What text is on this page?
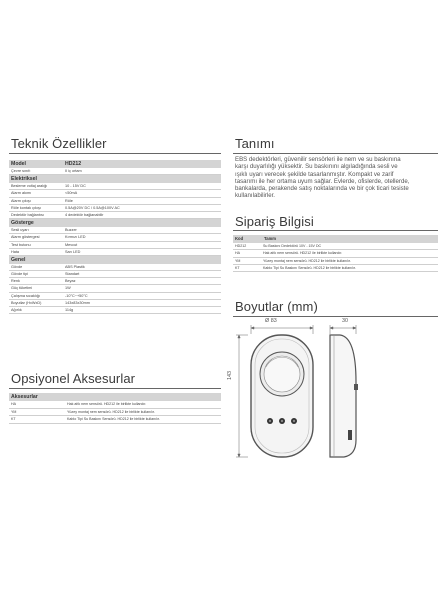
Teknik Özellikler
Model	HD212
Çevre sınıfı	II iç ortam
Elektriksel
Besleme voltaj aralığı	10 - 15V DC
Alarm akımı	<50mA
Alarm çıkışı	Röle
Röle kontak çıkışı	0.5A@20V DC / 0.5A@100V AC
Dedektör bağlantısı	4 dedektör bağlanabilir
Gösterge
Sesli uyarı	Buzzer
Alarm göstergesi	Kırmızı LED
Test butonu	Mevcut
Hata	Sarı LED
Genel
Gövde	ABS Plastik
Gövde tipi	Standart
Renk	Beyaz
Güç tüketimi	1W
Çalışma sıcaklığı	-10°C~+50°C
Boyutlar (HxWxD)	143x83x30mm
Ağırlık	114g
Opsiyonel Aksesurlar
Aksesurlar
HA	Hak afık nem sensörü. HD212 ile birlikte kullanılır.
YM	Yüzey montaj nem sensörü. HD212 ile birlikte kullanılır.
KT	Kablo Tipi Su Baskını Sensörü. HD212 ile birlikte kullanılır.
Tanımı
EBS dedektörleri, güvenilir sensörleri ile nem ve su baskınına
karşı duyarlılığı yüksektir. Su baskınını algıladığında sesli ve
ışıklı uyarı verecek şekilde tasarlanmıştır. Kompakt ve zarif
tasarımı ile her ortama uyum sağlar. Evlerde, ofislerde, otellerde,
bankalarda, perakende satış noktalarında ve bir çok ticari tesiste
kullanılabilirler.
Sipariş Bilgisi
Kod	Tanım
HD212	Su Baskını Dedektörü 10V - 15V DC
HA	Hak afık nem sensörü. HD212 ile birlikte kullanılır.
YM	Yüzey montaj nem sensörü. HD212 ile birlikte kullanılır.
KT	Kablo Tipi Su Baskını Sensörü. HD212 ile birlikte kullanılır.
Boyutlar (mm)
Ø 83	30
143
